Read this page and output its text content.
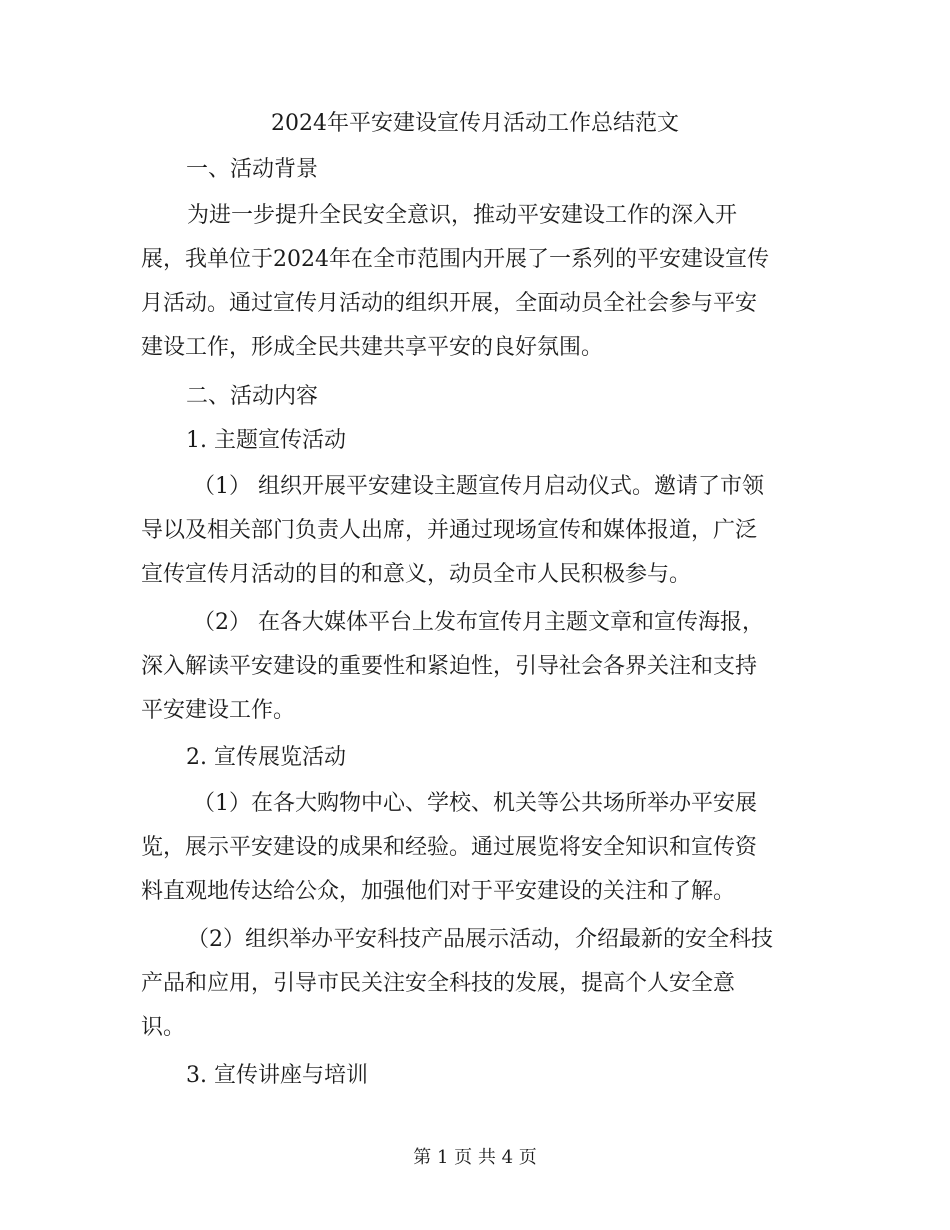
2024年平安建设宣传月活动工作总结范文
一、活动背景
为进一步提升全民安全意识，推动平安建设工作的深入开
展，我单位于2024年在全市范围内开展了一系列的平安建设宣传
月活动。通过宣传月活动的组织开展，全面动员全社会参与平安
建设工作，形成全民共建共享平安的良好氛围。
二、活动内容
1. 主题宣传活动
（1） 组织开展平安建设主题宣传月启动仪式。邀请了市领
导以及相关部门负责人出席，并通过现场宣传和媒体报道，广泛
宣传宣传月活动的目的和意义，动员全市人民积极参与。
（2） 在各大媒体平台上发布宣传月主题文章和宣传海报，
深入解读平安建设的重要性和紧迫性，引导社会各界关注和支持
平安建设工作。
2. 宣传展览活动
（1）在各大购物中心、学校、机关等公共场所举办平安展
览，展示平安建设的成果和经验。通过展览将安全知识和宣传资
料直观地传达给公众，加强他们对于平安建设的关注和了解。
（2）组织举办平安科技产品展示活动，介绍最新的安全科技
产品和应用，引导市民关注安全科技的发展，提高个人安全意
识。
3. 宣传讲座与培训
第 1 页 共 4 页
